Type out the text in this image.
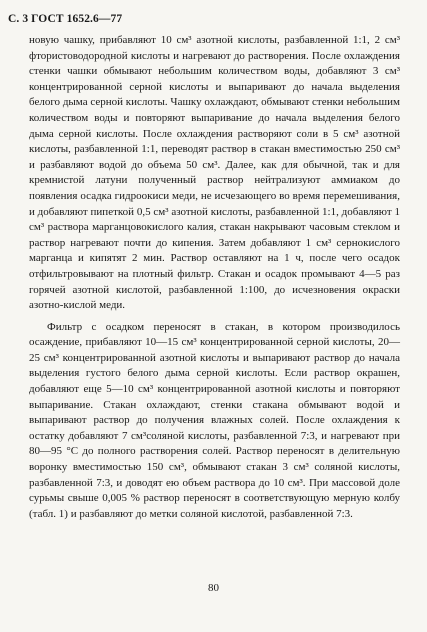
С. 3 ГОСТ 1652.6—77

новую чашку, прибавляют 10 см³ азотной кислоты, разбавленной 1:1, 2 см³ фтористоводородной кислоты и нагревают до растворения. После охлаждения стенки чашки обмывают небольшим количеством воды, добавляют 3 см³ концентрированной серной кислоты и выпаривают до начала выделения белого дыма серной кислоты. Чашку охлаждают, обмывают стенки небольшим количеством воды и повторяют выпаривание до начала выделения белого дыма серной кислоты. После охлаждения растворяют соли в 5 см³ азотной кислоты, разбавленной 1:1, переводят раствор в стакан вместимостью 250 см³ и разбавляют водой до объема 50 см³. Далее, как для обычной, так и для кремнистой латуни полученный раствор нейтрализуют аммиаком до появления осадка гидроокиси меди, не исчезающего во время перемешивания, и добавляют пипеткой 0,5 см³ азотной кислоты, разбавленной 1:1, добавляют 1 см³ раствора марганцовокислого калия, стакан накрывают часовым стеклом и раствор нагревают почти до кипения. Затем добавляют 1 см³ сернокислого марганца и кипятят 2 мин. Раствор оставляют на 1 ч, после чего осадок отфильтровывают на плотный фильтр. Стакан и осадок промывают 4—5 раз горячей азотной кислотой, разбавленной 1:100, до исчезновения окраски азотно-кислой меди.

Фильтр с осадком переносят в стакан, в котором производилось осаждение, прибавляют 10—15 см³ концентрированной серной кислоты, 20—25 см³ концентрированной азотной кислоты и выпаривают раствор до начала выделения густого белого дыма серной кислоты. Если раствор окрашен, добавляют еще 5—10 см³ концентрированной азотной кислоты и повторяют выпаривание. Стакан охлаждают, стенки стакана обмывают водой и выпаривают раствор до получения влажных солей. После охлаждения к остатку добавляют 7 см³соляной кислоты, разбавленной 7:3, и нагревают при 80—95 °С до полного растворения солей. Раствор переносят в делительную воронку вместимостью 150 см³, обмывают стакан 3 см³ соляной кислоты, разбавленной 7:3, и доводят ею объем раствора до 10 см³. При массовой доле сурьмы свыше 0,005 % раствор переносят в соответствующую мерную колбу (табл. 1) и разбавляют до метки соляной кислотой, разбавленной 7:3.

80
